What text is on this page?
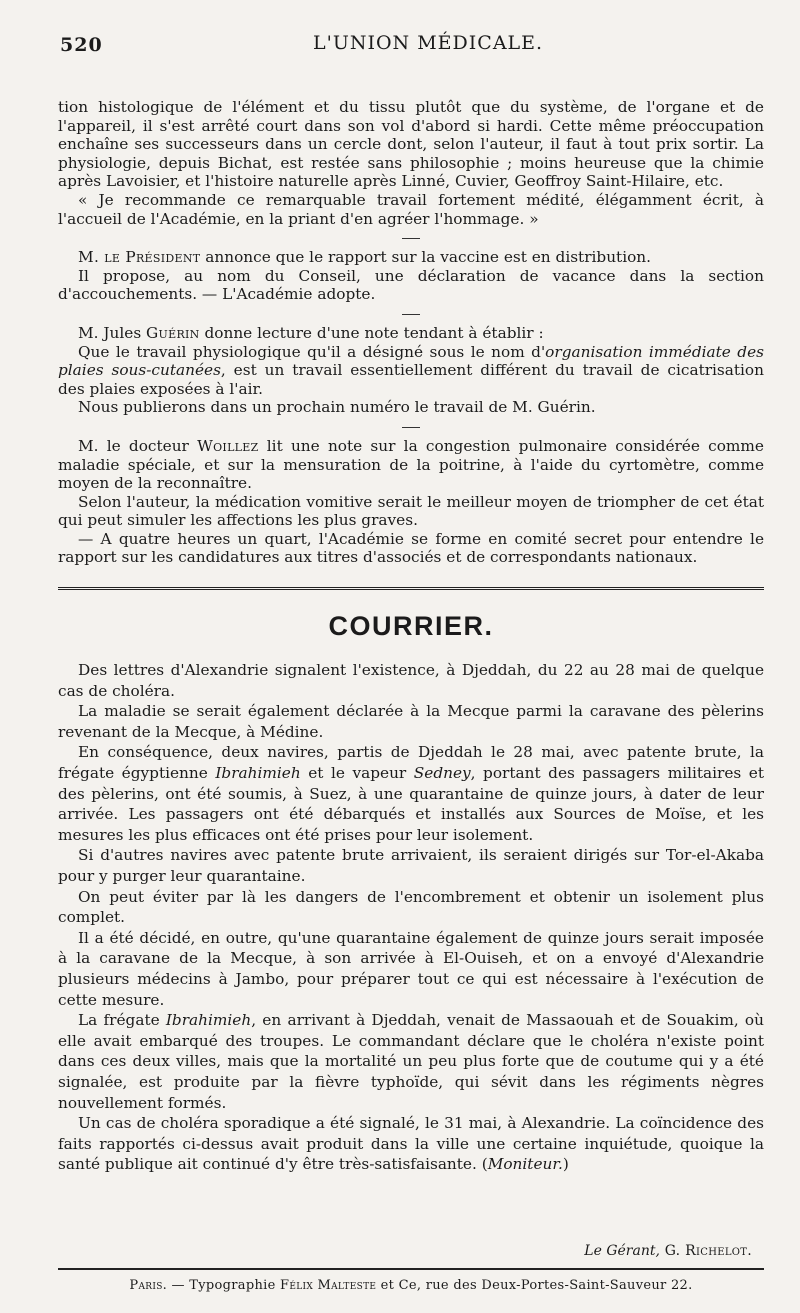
520	L'UNION MÉDICALE.

tion histologique de l'élément et du tissu plutôt que du système, de l'organe et de l'appareil, il s'est arrêté court dans son vol d'abord si hardi. Cette même préoccupation enchaîne ses successeurs dans un cercle dont, selon l'auteur, il faut à tout prix sortir. La physiologie, depuis Bichat, est restée sans philosophie ; moins heureuse que la chimie après Lavoisier, et l'histoire naturelle après Linné, Cuvier, Geoffroy Saint-Hilaire, etc.

« Je recommande ce remarquable travail fortement médité, élégamment écrit, à l'accueil de l'Académie, en la priant d'en agréer l'hommage. »

M. le Président annonce que le rapport sur la vaccine est en distribution.

Il propose, au nom du Conseil, une déclaration de vacance dans la section d'accouchements. — L'Académie adopte.

M. Jules Guérin donne lecture d'une note tendant à établir :

Que le travail physiologique qu'il a désigné sous le nom d'organisation immédiate des plaies sous-cutanées, est un travail essentiellement différent du travail de cicatrisation des plaies exposées à l'air.

Nous publierons dans un prochain numéro le travail de M. Guérin.

M. le docteur Woillez lit une note sur la congestion pulmonaire considérée comme maladie spéciale, et sur la mensuration de la poitrine, à l'aide du cyrtomètre, comme moyen de la reconnaître.

Selon l'auteur, la médication vomitive serait le meilleur moyen de triompher de cet état qui peut simuler les affections les plus graves.

— A quatre heures un quart, l'Académie se forme en comité secret pour entendre le rapport sur les candidatures aux titres d'associés et de correspondants nationaux.

COURRIER.

Des lettres d'Alexandrie signalent l'existence, à Djeddah, du 22 au 28 mai de quelque cas de choléra.

La maladie se serait également déclarée à la Mecque parmi la caravane des pèlerins revenant de la Mecque, à Médine.

En conséquence, deux navires, partis de Djeddah le 28 mai, avec patente brute, la frégate égyptienne Ibrahimieh et le vapeur Sedney, portant des passagers militaires et des pèlerins, ont été soumis, à Suez, à une quarantaine de quinze jours, à dater de leur arrivée. Les passagers ont été débarqués et installés aux Sources de Moïse, et les mesures les plus efficaces ont été prises pour leur isolement.

Si d'autres navires avec patente brute arrivaient, ils seraient dirigés sur Tor-el-Akaba pour y purger leur quarantaine.

On peut éviter par là les dangers de l'encombrement et obtenir un isolement plus complet.

Il a été décidé, en outre, qu'une quarantaine également de quinze jours serait imposée à la caravane de la Mecque, à son arrivée à El-Ouiseh, et on a envoyé d'Alexandrie plusieurs médecins à Jambo, pour préparer tout ce qui est nécessaire à l'exécution de cette mesure.

La frégate Ibrahimieh, en arrivant à Djeddah, venait de Massaouah et de Souakim, où elle avait embarqué des troupes. Le commandant déclare que le choléra n'existe point dans ces deux villes, mais que la mortalité un peu plus forte que de coutume qui y a été signalée, est produite par la fièvre typhoïde, qui sévit dans les régiments nègres nouvellement formés.

Un cas de choléra sporadique a été signalé, le 31 mai, à Alexandrie. La coïncidence des faits rapportés ci-dessus avait produit dans la ville une certaine inquiétude, quoique la santé publique ait continué d'y être très-satisfaisante. (Moniteur.)

Le Gérant, G. Richelot.
Paris. — Typographie Félix Malteste et Ce, rue des Deux-Portes-Saint-Sauveur 22.
